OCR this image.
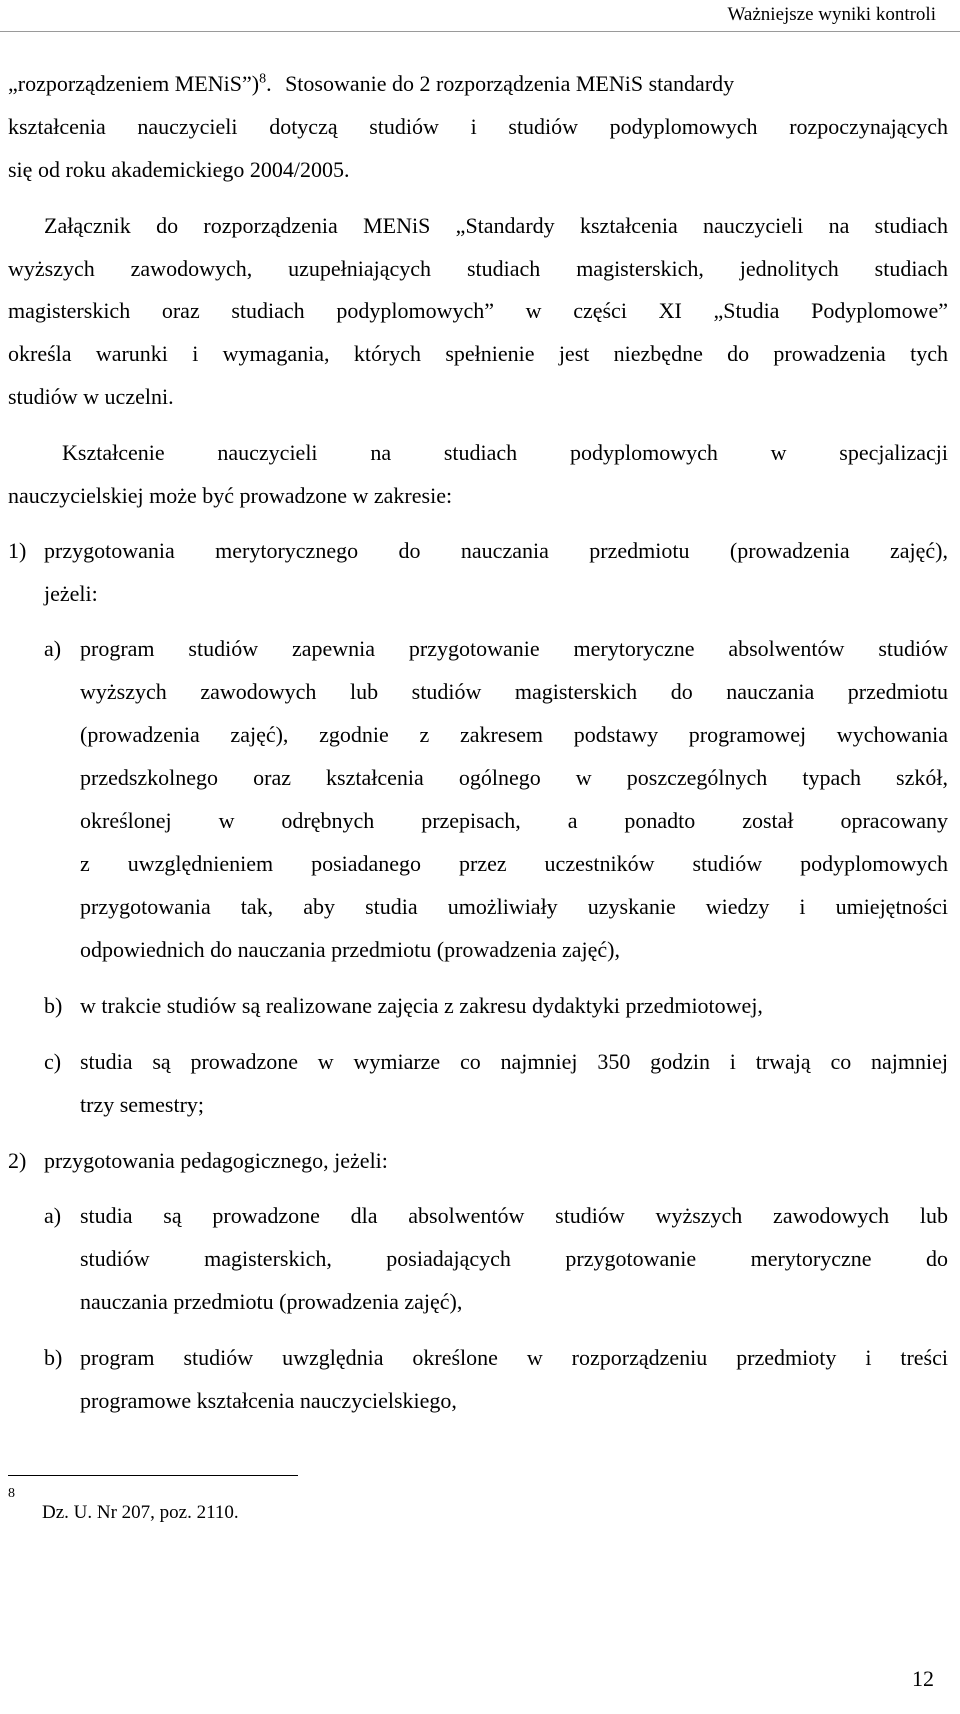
Ważniejsze wyniki kontroli
„rozporządzeniem MENiS”)$^8$. Stosowanie do 2 rozporządzenia MENiS standardy
kształcenia nauczycieli dotyczą studiów i studiów podyplomowych rozpoczynających
się od roku akademickiego 2004/2005.
Załącznik do rozporządzenia MENiS „Standardy kształcenia nauczycieli na studiach
wyższych zawodowych, uzupełniających studiach magisterskich, jednolitych studiach
magisterskich oraz studiach podyplomowych” w części XI „Studia Podyplomowe”
określa warunki i wymagania, których spełnienie jest niezbędne do prowadzenia tych
studiów w uczelni.
Kształcenie nauczycieli na studiach podyplomowych w specjalizacji
nauczycielskiej może być prowadzone w zakresie:
1) przygotowania merytorycznego do nauczania przedmiotu (prowadzenia zajęć),
jeżeli:
a) program studiów zapewnia przygotowanie merytoryczne absolwentów studiów
wyższych zawodowych lub studiów magisterskich do nauczania przedmiotu
(prowadzenia zajęć), zgodnie z zakresem podstawy programowej wychowania
przedszkolnego oraz kształcenia ogólnego w poszczególnych typach szkół,
określonej w odrębnych przepisach, a ponadto został opracowany
z uwzględnieniem posiadanego przez uczestników studiów podyplomowych
przygotowania tak, aby studia umożliwiały uzyskanie wiedzy i umiejętności
odpowiednich do nauczania przedmiotu (prowadzenia zajęć),
b) w trakcie studiów są realizowane zajęcia z zakresu dydaktyki przedmiotowej,
c) studia są prowadzone w wymiarze co najmniej 350 godzin i trwają co najmniej
trzy semestry;
2) przygotowania pedagogicznego, jeżeli:
a) studia są prowadzone dla absolwentów studiów wyższych zawodowych lub
studiów magisterskich, posiadających przygotowanie merytoryczne do
nauczania przedmiotu (prowadzenia zajęć),
b) program studiów uwzględnia określone w rozporządzeniu przedmioty i treści
programowe kształcenia nauczycielskiego,
8
Dz. U. Nr 207, poz. 2110.
12
